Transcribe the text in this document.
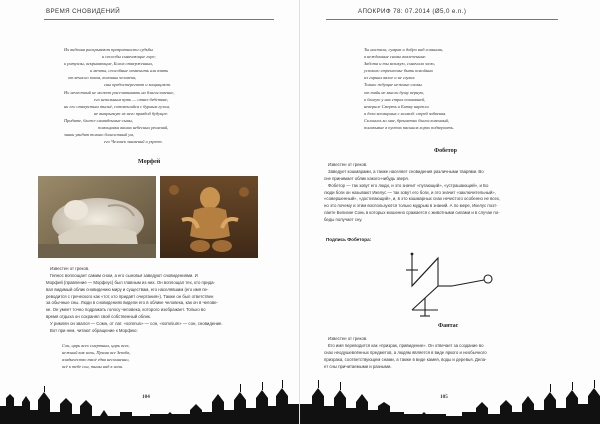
ВРЕМЯ СНОВИДЕНИЙ
Их видения раскрывают превратности судьбы
и способы смягчающие горе;
и ритуалы, вскрывающие, Богов отверженных,
и мечты, способные отменить или взять
от вечного покоя, кончины человека,
сны предостерегают и защищают.
Но нечестный не может рассчитывать на благословение,
его невольным путь — отвел бедствие;
ни его отверстым тыльё, сотовешийся с бурным гулом,
не выпрыгнут из него правдой будущее.
Придите, блаже сновиденные сыны,
помощники ваших небесных решений,
знаки увидит только благостный ум,
его Человек знамений и узреет.
Морфей
Известен от греков.
Гипнос воплощает самим сном, а его сыновья заведуют сновидениями. И
Морфей (правление — Морфеус) был главным из них. Он воплощал тех, кто прида-
вал видимый облик сновидению миру и существам, его населявшим (его имя пе-
реводится с греческого как «тот, кто придаёт очертания»). Также он был ответствен
за обычные сны. Люди в сновидениях видели его в облике человека, как он в челове-
ке. Он умеет точно подражать голосу человека, которого изображает. Только во
время отдыха он сохранял свой собственный облик.
У римлян он звался — Сомн, от лат. «somnus» — сон, «somnium» — сон, сновидение.
Вот при нем, читают обращение к Морфею:
Сон, царь всех смертных, царь всех,
нежный как ночь, Прими все Зевоба,
владычество твоё едва несомненно,
всё к тебе сон, тьмы над к ночи.
104
АПОКРИФ 78: 07.2014 (Ø5,0 e.n.)
Ты настала, сумрак и добро над сонными,
в нежданные сновы вовлеченные.
Забота и ты великую, смягчила злою,
успокою стремленье быть покойных
из горных вялое и не глухих.
Только ждущие нежные сновы
от тайн не мысли душу верную,
и благую у них страх познавшей,
неверное Смерть и Битву нарекли
и дела всемирных с молвой: стрей забвения.
Склонись ко мне, бреннетно благословенный,
понизьмые в пустах пасынов хорах подвергать.
Фобетор
Известен от греков.
Заведует кошмарами, а также населяет сновидения различными тварями. Во
сне принимает облик какого-нибудь зверя.
Фобетор — так зовут его люди, и это значит «пугающий», «устрашающий», и Бо
люди боги он называют Икелус — так зовут его боги, и это значит «заключительный»,
«совершенный», «достигающий», и, в это кошмарных снах нечистого особенно не всех,
но это почему и этим воспользуются только мудрым в знаний. А по мере, Икелус поэт-
лаете Белизне Сонь в которых мошенно сражается с животными силами и в случае по-
беды получает сну.
Подпись Фобетора:
Фантас
Известен от греков.
Его имя переводится как «призрак, привидение». Он отвечает за создание во
снах неодушевлённых предметов, а людям является в виде яркого и необычного
призрака, соответствующем снами, а также в виде камня, воды и деревья. Дела-
ет сны причитаемыми и разными.
105
